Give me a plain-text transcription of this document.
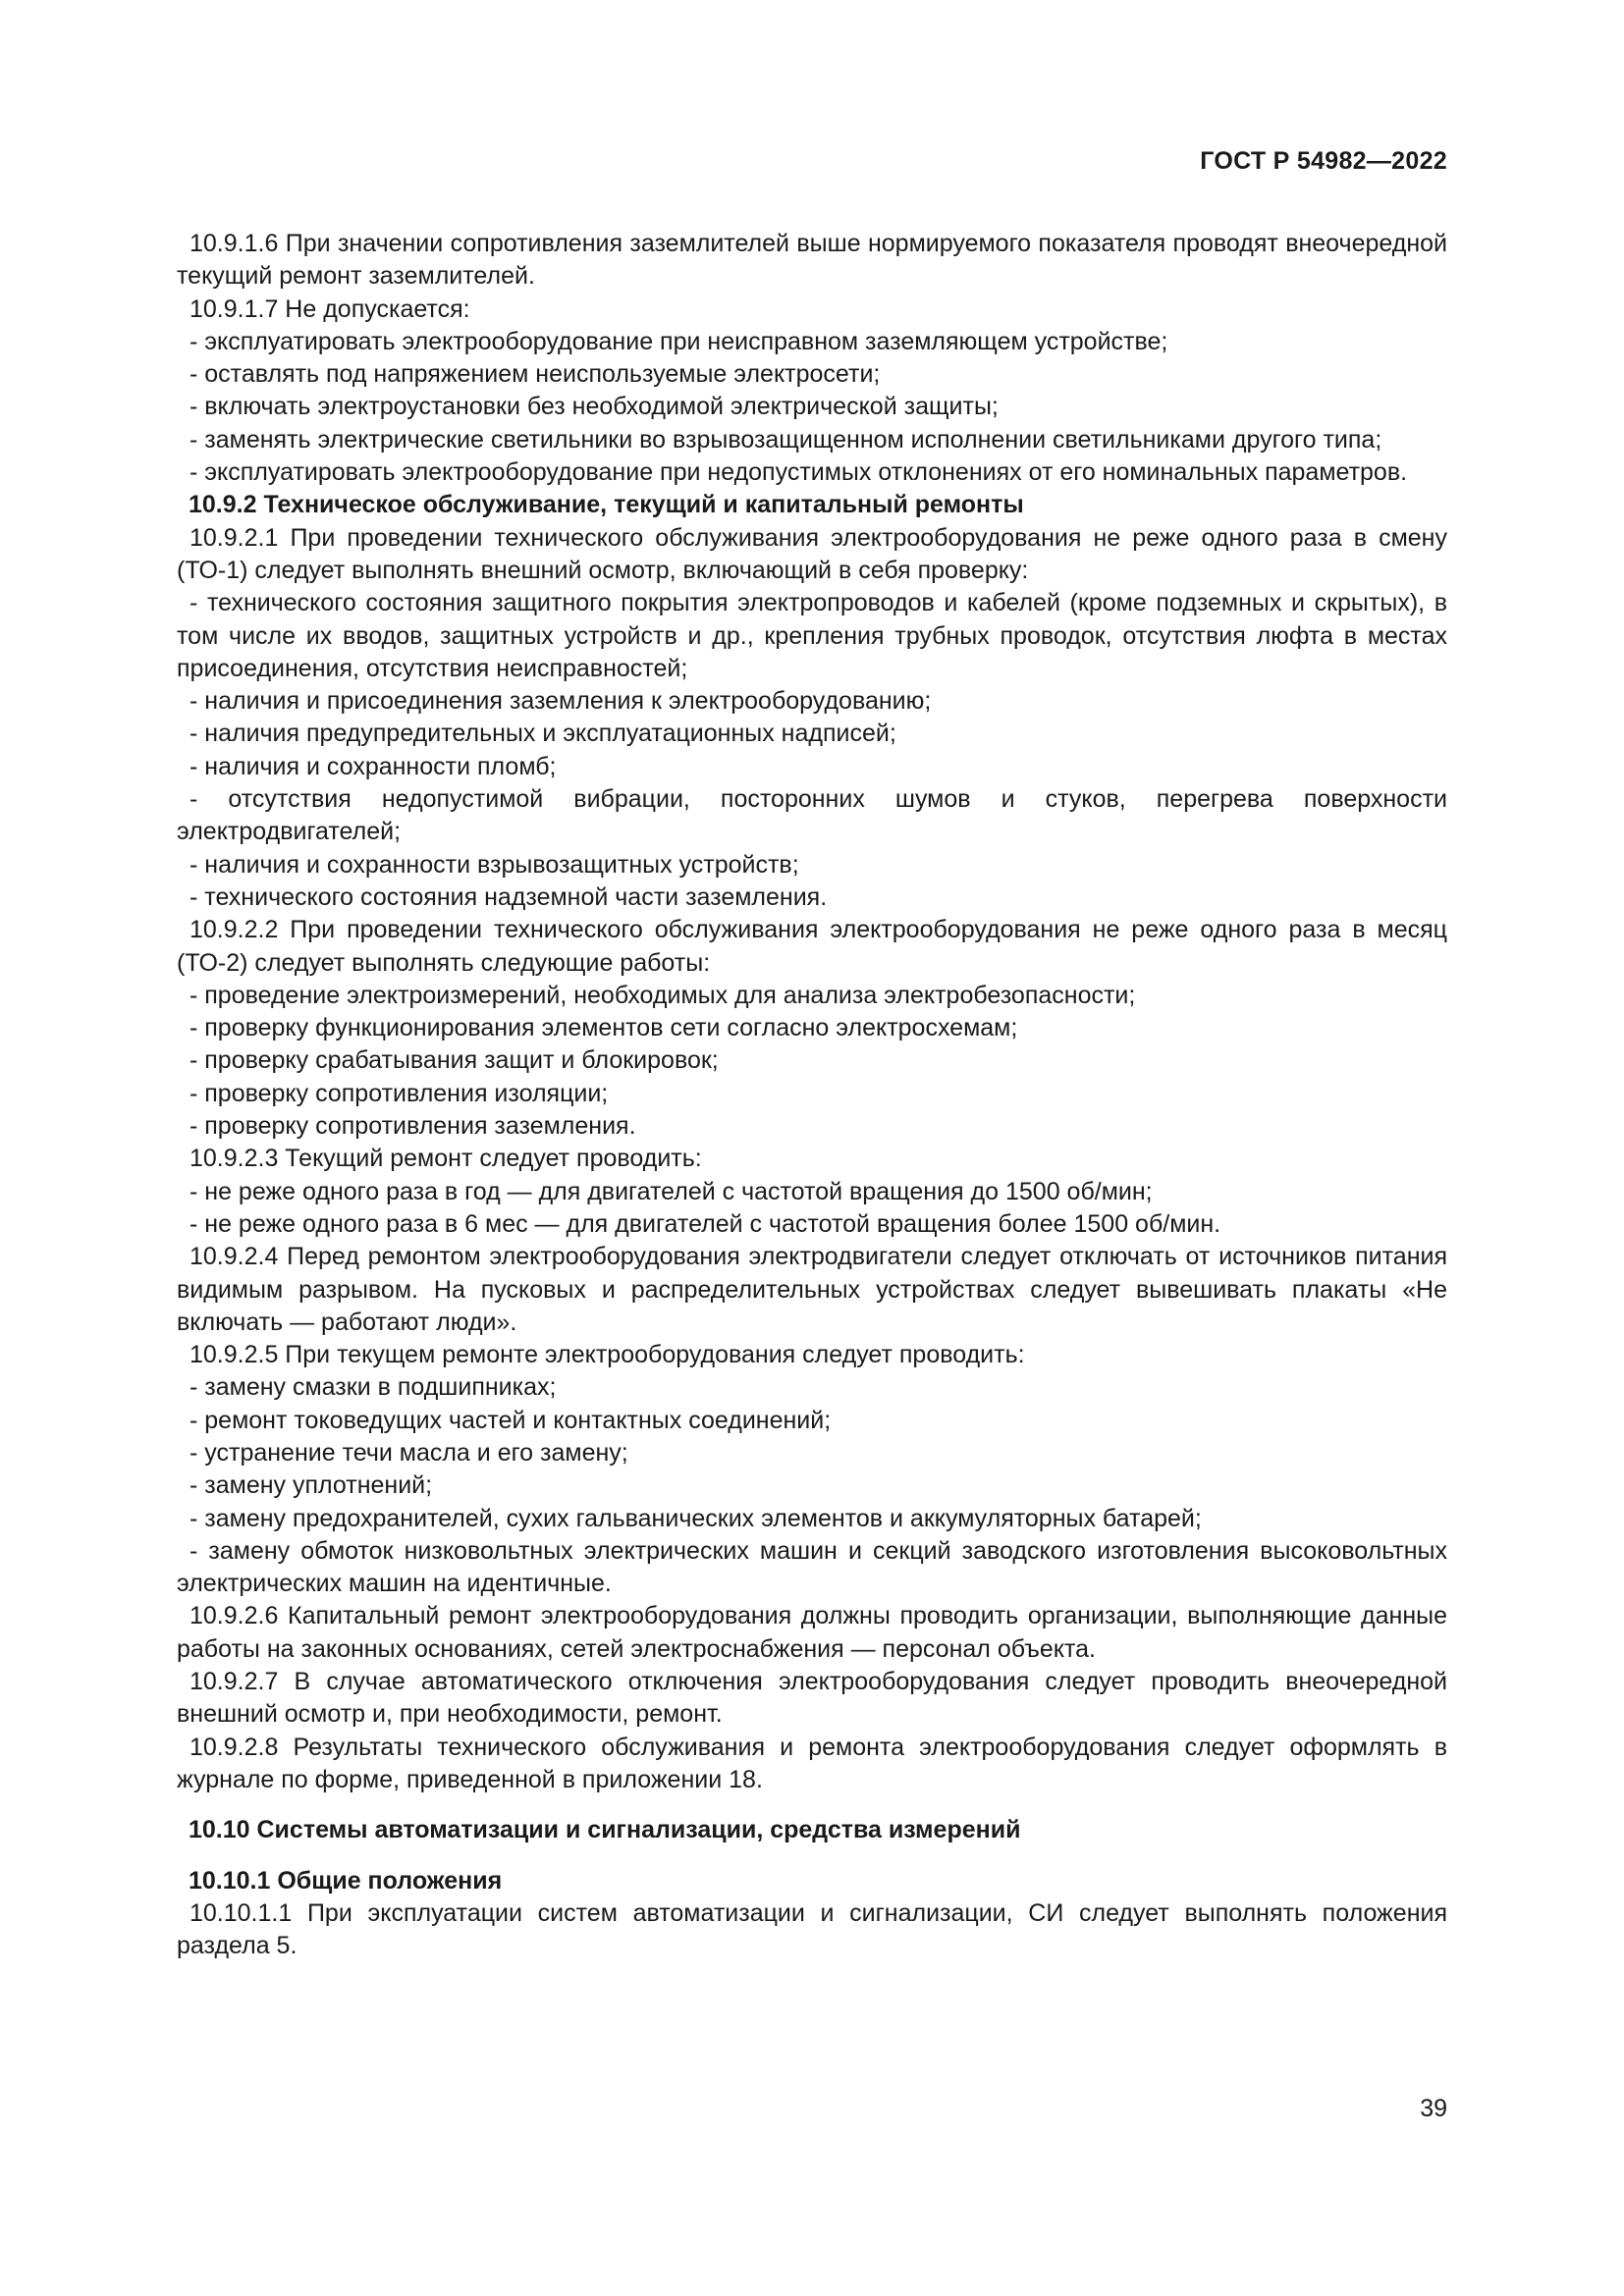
ГОСТ Р 54982—2022

10.9.1.6 При значении сопротивления заземлителей выше нормируемого показателя проводят внеочередной текущий ремонт заземлителей.

10.9.1.7 Не допускается:

- эксплуатировать электрооборудование при неисправном заземляющем устройстве;

- оставлять под напряжением неиспользуемые электросети;

- включать электроустановки без необходимой электрической защиты;

- заменять электрические светильники во взрывозащищенном исполнении светильниками другого типа;

- эксплуатировать электрооборудование при недопустимых отклонениях от его номинальных параметров.

10.9.2 Техническое обслуживание, текущий и капитальный ремонты

10.9.2.1 При проведении технического обслуживания электрооборудования не реже одного раза в смену (ТО-1) следует выполнять внешний осмотр, включающий в себя проверку:

- технического состояния защитного покрытия электропроводов и кабелей (кроме подземных и скрытых), в том числе их вводов, защитных устройств и др., крепления трубных проводок, отсутствия люфта в местах присоединения, отсутствия неисправностей;

- наличия и присоединения заземления к электрооборудованию;

- наличия предупредительных и эксплуатационных надписей;

- наличия и сохранности пломб;

- отсутствия недопустимой вибрации, посторонних шумов и стуков, перегрева поверхности электродвигателей;

- наличия и сохранности взрывозащитных устройств;

- технического состояния надземной части заземления.

10.9.2.2 При проведении технического обслуживания электрооборудования не реже одного раза в месяц (ТО-2) следует выполнять следующие работы:

- проведение электроизмерений, необходимых для анализа электробезопасности;

- проверку функционирования элементов сети согласно электросхемам;

- проверку срабатывания защит и блокировок;

- проверку сопротивления изоляции;

- проверку сопротивления заземления.

10.9.2.3 Текущий ремонт следует проводить:

- не реже одного раза в год — для двигателей с частотой вращения до 1500 об/мин;

- не реже одного раза в 6 мес — для двигателей с частотой вращения более 1500 об/мин.

10.9.2.4 Перед ремонтом электрооборудования электродвигатели следует отключать от источников питания видимым разрывом. На пусковых и распределительных устройствах следует вывешивать плакаты «Не включать — работают люди».

10.9.2.5 При текущем ремонте электрооборудования следует проводить:

- замену смазки в подшипниках;

- ремонт токоведущих частей и контактных соединений;

- устранение течи масла и его замену;

- замену уплотнений;

- замену предохранителей, сухих гальванических элементов и аккумуляторных батарей;

- замену обмоток низковольтных электрических машин и секций заводского изготовления высоковольтных электрических машин на идентичные.

10.9.2.6 Капитальный ремонт электрооборудования должны проводить организации, выполняющие данные работы на законных основаниях, сетей электроснабжения — персонал объекта.

10.9.2.7 В случае автоматического отключения электрооборудования следует проводить внеочередной внешний осмотр и, при необходимости, ремонт.

10.9.2.8 Результаты технического обслуживания и ремонта электрооборудования следует оформлять в журнале по форме, приведенной в приложении 18.

10.10 Системы автоматизации и сигнализации, средства измерений

10.10.1 Общие положения

10.10.1.1 При эксплуатации систем автоматизации и сигнализации, СИ следует выполнять положения раздела 5.

39
